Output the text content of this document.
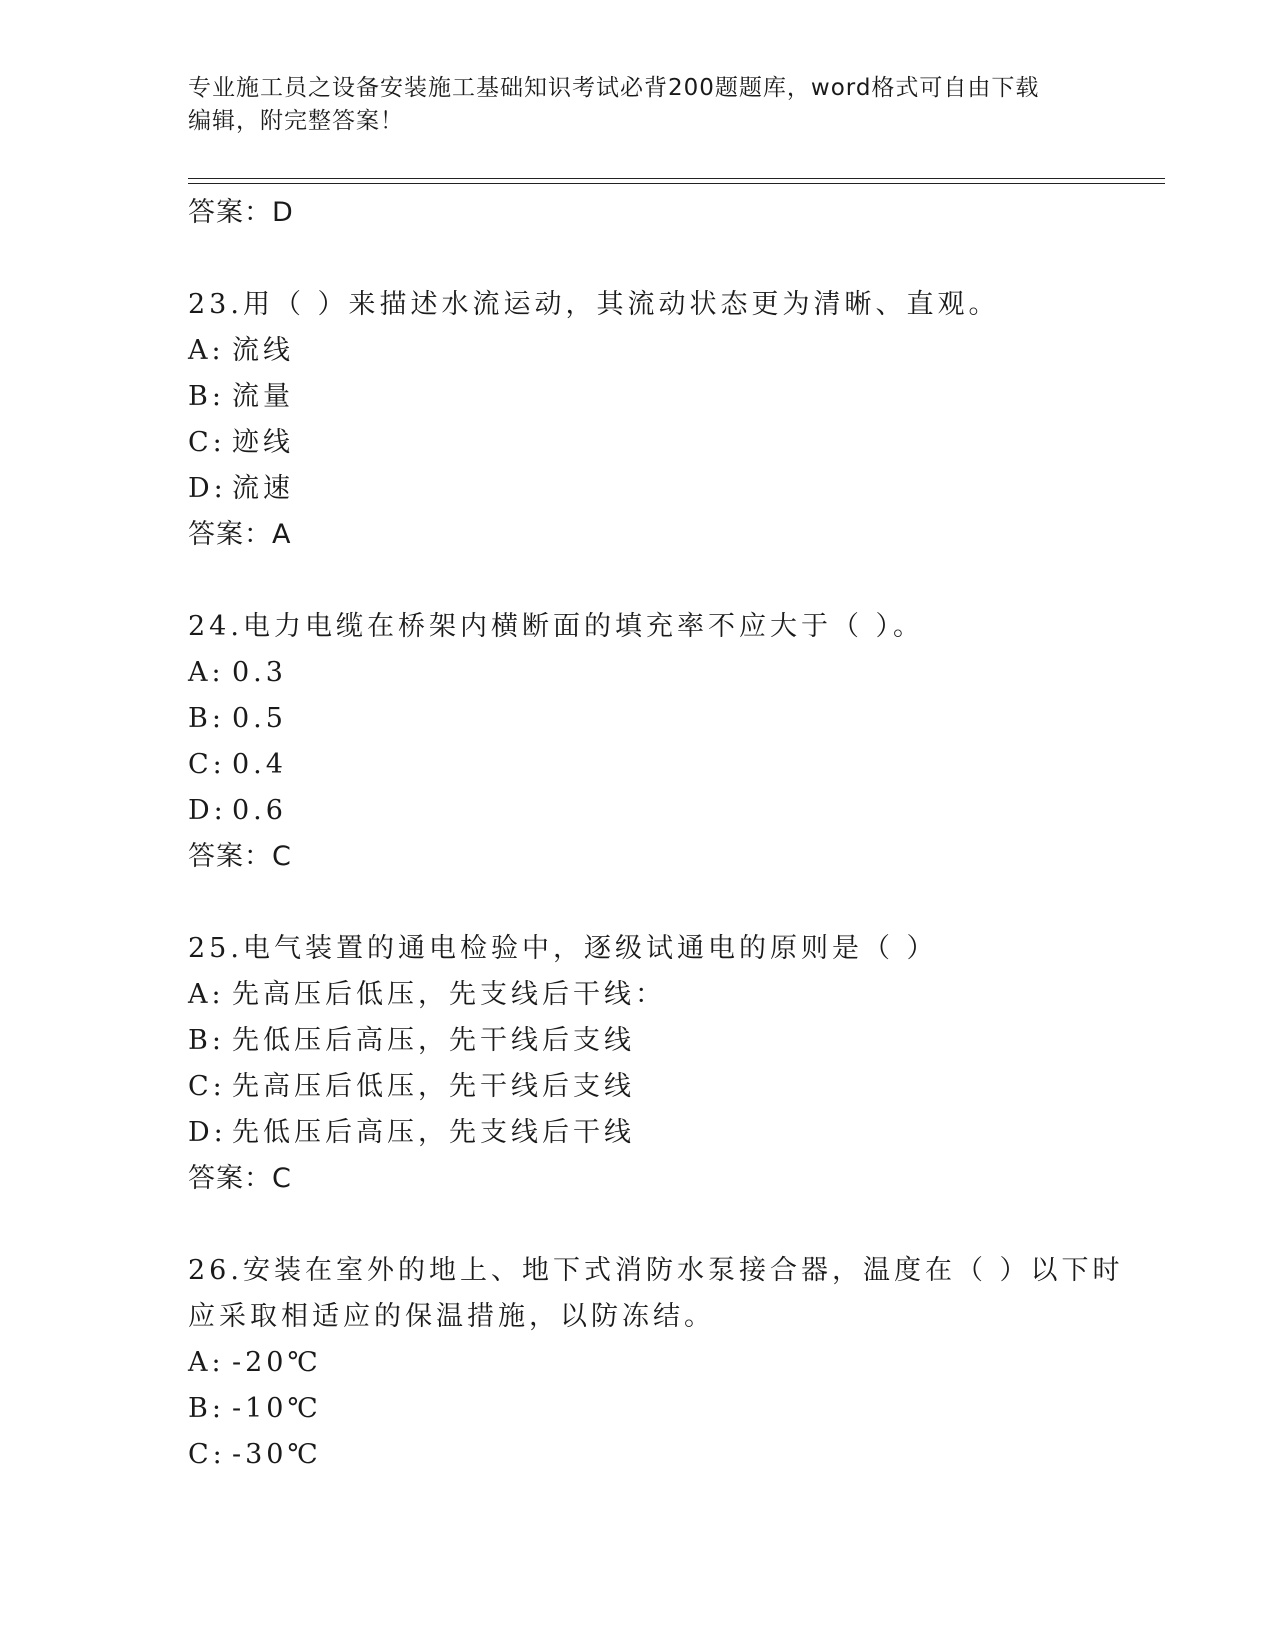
专业施工员之设备安装施工基础知识考试必背200题题库，word格式可自由下载
编辑，附完整答案！
答案：D
23.用（ ）来描述水流运动，其流动状态更为清晰、直观。
A: 流线
B: 流量
C: 迹线
D: 流速
答案：A
24.电力电缆在桥架内横断面的填充率不应大于（ ）。
A: 0.3
B: 0.5
C: 0.4
D: 0.6
答案：C
25.电气装置的通电检验中，逐级试通电的原则是（ ）
A: 先高压后低压，先支线后干线：
B: 先低压后高压，先干线后支线
C: 先高压后低压，先干线后支线
D: 先低压后高压，先支线后干线
答案：C
26.安装在室外的地上、地下式消防水泵接合器，温度在（ ）以下时
应采取相适应的保温措施，以防冻结。
A: -20℃
B: -10℃
C: -30℃
